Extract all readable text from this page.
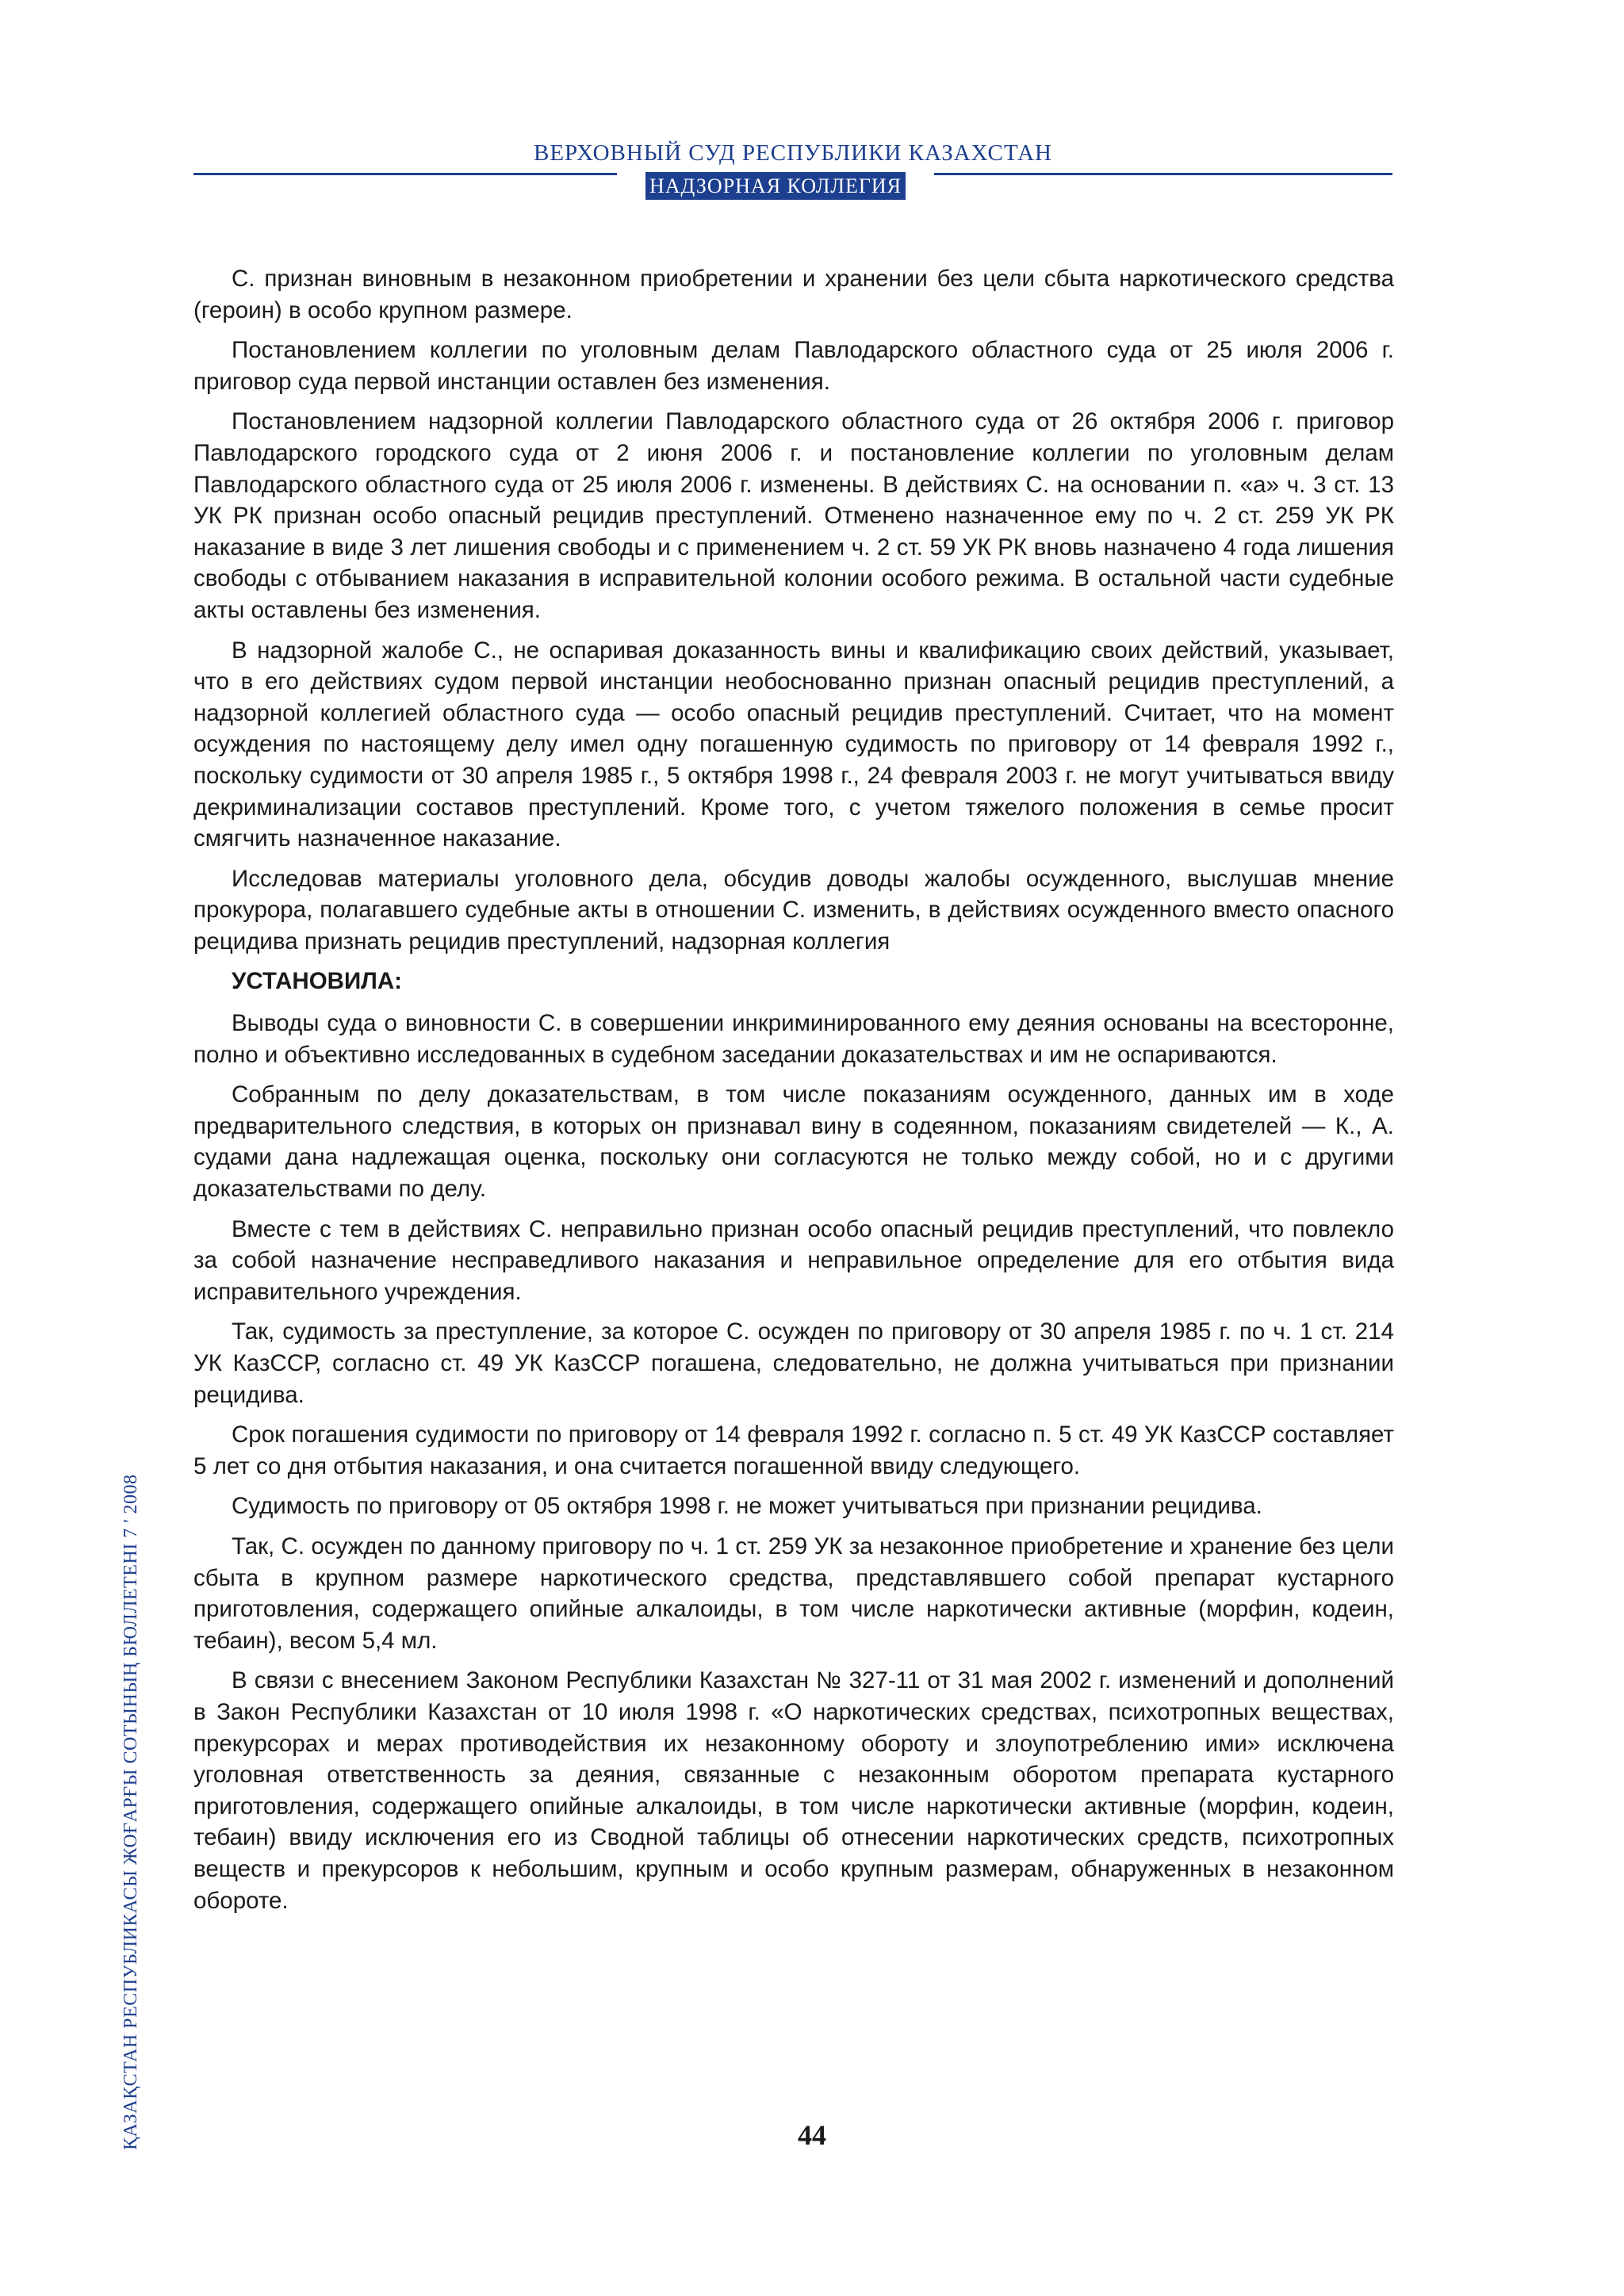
ВЕРХОВНЫЙ СУД РЕСПУБЛИКИ КАЗАХСТАН
НАДЗОРНАЯ КОЛЛЕГИЯ

С. признан виновным в незаконном приобретении и хранении без цели сбыта наркотического средства (героин) в особо крупном размере.

Постановлением коллегии по уголовным делам Павлодарского областного суда от 25 июля 2006 г. приговор суда первой инстанции оставлен без изменения.

Постановлением надзорной коллегии Павлодарского областного суда от 26 октября 2006 г. приговор Павлодарского городского суда от 2 июня 2006 г. и постановление коллегии по уголовным делам Павлодарского областного суда от 25 июля 2006 г. изменены. В действиях С. на основании п. «а» ч. 3 ст. 13 УК РК признан особо опасный рецидив преступлений. Отменено назначенное ему по ч. 2 ст. 259 УК РК наказание в виде 3 лет лишения свободы и с применением ч. 2 ст. 59 УК РК вновь назначено 4 года лишения свободы с отбыванием наказания в исправительной колонии особого режима. В остальной части судебные акты оставлены без изменения.

В надзорной жалобе С., не оспаривая доказанность вины и квалификацию своих действий, указывает, что в его действиях судом первой инстанции необоснованно признан опасный рецидив преступлений, а надзорной коллегией областного суда — особо опасный рецидив преступлений. Считает, что на момент осуждения по настоящему делу имел одну погашенную судимость по приговору от 14 февраля 1992 г., поскольку судимости от 30 апреля 1985 г., 5 октября 1998 г., 24 февраля 2003 г. не могут учитываться ввиду декриминализации составов преступлений. Кроме того, с учетом тяжелого положения в семье просит смягчить назначенное наказание.

Исследовав материалы уголовного дела, обсудив доводы жалобы осужденного, выслушав мнение прокурора, полагавшего судебные акты в отношении С. изменить, в действиях осужденного вместо опасного рецидива признать рецидив преступлений, надзорная коллегия

УСТАНОВИЛА:

Выводы суда о виновности С. в совершении инкриминированного ему деяния основаны на всесторонне, полно и объективно исследованных в судебном заседании доказательствах и им не оспариваются.

Собранным по делу доказательствам, в том числе показаниям осужденного, данных им в ходе предварительного следствия, в которых он признавал вину в содеянном, показаниям свидетелей — К., А. судами дана надлежащая оценка, поскольку они согласуются не только между собой, но и с другими доказательствами по делу.

Вместе с тем в действиях С. неправильно признан особо опасный рецидив преступлений, что повлекло за собой назначение несправедливого наказания и неправильное определение для его отбытия вида исправительного учреждения.

Так, судимость за преступление, за которое С. осужден по приговору от 30 апреля 1985 г. по ч. 1 ст. 214 УК КазССР, согласно ст. 49 УК КазССР погашена, следовательно, не должна учитываться при признании рецидива.

Срок погашения судимости по приговору от 14 февраля 1992 г. согласно п. 5 ст. 49 УК КазССР составляет 5 лет со дня отбытия наказания, и она считается погашенной ввиду следующего.

Судимость по приговору от 05 октября 1998 г. не может учитываться при признании рецидива.

Так, С. осужден по данному приговору по ч. 1 ст. 259 УК за незаконное приобретение и хранение без цели сбыта в крупном размере наркотического средства, представлявшего собой препарат кустарного приготовления, содержащего опийные алкалоиды, в том числе наркотически активные (морфин, кодеин, тебаин), весом 5,4 мл.

В связи с внесением Законом Республики Казахстан № 327-11 от 31 мая 2002 г. изменений и дополнений в Закон Республики Казахстан от 10 июля 1998 г. «О наркотических средствах, психотропных веществах, прекурсорах и мерах противодействия их незаконному обороту и злоупотреблению ими» исключена уголовная ответственность за деяния, связанные с незаконным оборотом препарата кустарного приготовления, содержащего опийные алкалоиды, в том числе наркотически активные (морфин, кодеин, тебаин) ввиду исключения его из Сводной таблицы об отнесении наркотических средств, психотропных веществ и прекурсоров к небольшим, крупным и особо крупным размерам, обнаруженных в незаконном обороте.

ҚАЗАҚСТАН РЕСПУБЛИКАСЫ ЖОҒАРҒЫ СОТЫНЫҢ БЮЛЛЕТЕНІ 7 ' 2008	44
